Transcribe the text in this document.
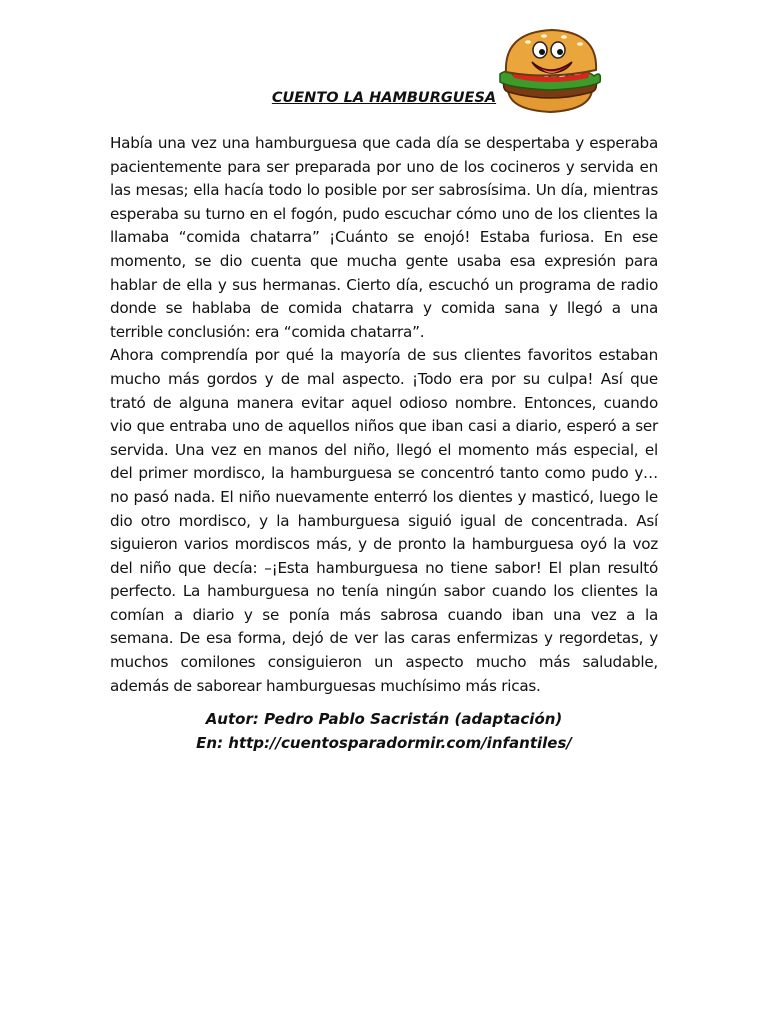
CUENTO LA HAMBURGUESA

Había una vez una hamburguesa que cada día se despertaba y esperaba pacientemente para ser preparada por uno de los cocineros y servida en las mesas; ella hacía todo lo posible por ser sabrosísima. Un día, mientras esperaba su turno en el fogón, pudo escuchar cómo uno de los clientes la llamaba “comida chatarra” ¡Cuánto se enojó! Estaba furiosa. En ese momento, se dio cuenta que mucha gente usaba esa expresión para hablar de ella y sus hermanas. Cierto día, escuchó un programa de radio donde se hablaba de comida chatarra y comida sana y llegó a una terrible conclusión: era “comida chatarra”.

Ahora comprendía por qué la mayoría de sus clientes favoritos estaban mucho más gordos y de mal aspecto. ¡Todo era por su culpa! Así que trató de alguna manera evitar aquel odioso nombre. Entonces, cuando vio que entraba uno de aquellos niños que iban casi a diario, esperó a ser servida. Una vez en manos del niño, llegó el momento más especial, el del primer mordisco, la hamburguesa se concentró tanto como pudo y… no pasó nada. El niño nuevamente enterró los dientes y masticó, luego le dio otro mordisco, y la hamburguesa siguió igual de concentrada. Así siguieron varios mordiscos más, y de pronto la hamburguesa oyó la voz del niño que decía: –¡Esta hamburguesa no tiene sabor! El plan resultó perfecto. La hamburguesa no tenía ningún sabor cuando los clientes la comían a diario y se ponía más sabrosa cuando iban una vez a la semana. De esa forma, dejó de ver las caras enfermizas y regordetas, y muchos comilones consiguieron un aspecto mucho más saludable, además de saborear hamburguesas muchísimo más ricas.

Autor: Pedro Pablo Sacristán (adaptación)
En: http://cuentosparadormir.com/infantiles/
